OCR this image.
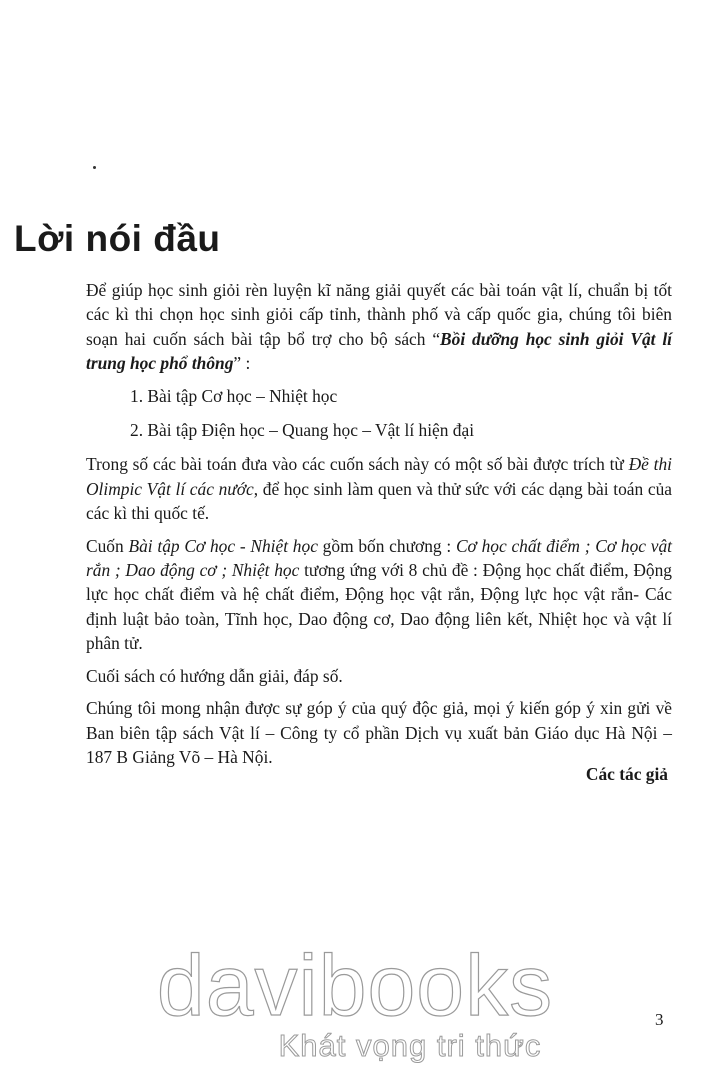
Lời nói đầu

Để giúp học sinh giỏi rèn luyện kĩ năng giải quyết các bài toán vật lí, chuẩn bị tốt các kì thi chọn học sinh giỏi cấp tỉnh, thành phố và cấp quốc gia, chúng tôi biên soạn hai cuốn sách bài tập bổ trợ cho bộ sách “Bồi dưỡng học sinh giỏi Vật lí trung học phổ thông” :

1. Bài tập Cơ học – Nhiệt học

2. Bài tập Điện học – Quang học – Vật lí hiện đại

Trong số các bài toán đưa vào các cuốn sách này có một số bài được trích từ Đề thi Olimpic Vật lí các nước, để học sinh làm quen và thử sức với các dạng bài toán của các kì thi quốc tế.

Cuốn Bài tập Cơ học - Nhiệt học gồm bốn chương : Cơ học chất điểm ; Cơ học vật rắn ; Dao động cơ ; Nhiệt học tương ứng với 8 chủ đề : Động học chất điểm, Động lực học chất điểm và hệ chất điểm, Động học vật rắn, Động lực học vật rắn- Các định luật bảo toàn, Tĩnh học, Dao động cơ, Dao động liên kết, Nhiệt học và vật lí phân tử.

Cuối sách có hướng dẫn giải, đáp số.

Chúng tôi mong nhận được sự góp ý của quý độc giả, mọi ý kiến góp ý xin gửi về Ban biên tập sách Vật lí – Công ty cổ phần Dịch vụ xuất bản Giáo dục Hà Nội – 187 B Giảng Võ – Hà Nội.

Các tác giả
3
davibooks
Khát vọng tri thức
